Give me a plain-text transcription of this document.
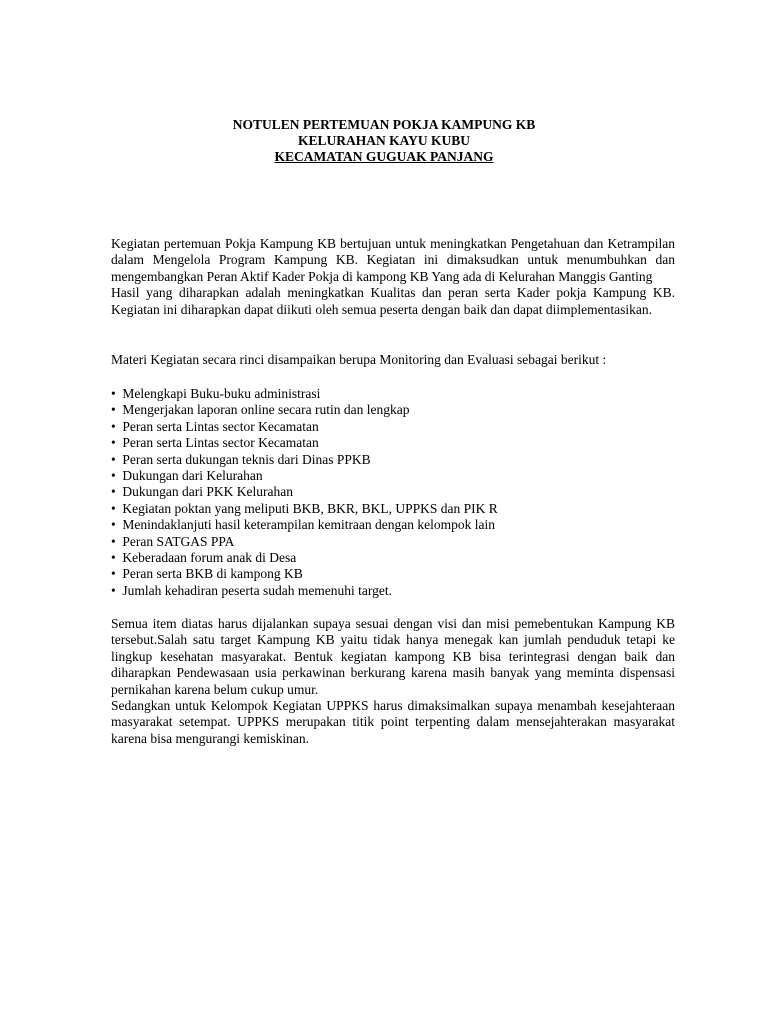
NOTULEN PERTEMUAN POKJA KAMPUNG KB
KELURAHAN KAYU KUBU
KECAMATAN GUGUAK PANJANG

Kegiatan pertemuan Pokja Kampung KB bertujuan untuk meningkatkan Pengetahuan dan Ketrampilan dalam Mengelola Program Kampung KB. Kegiatan ini dimaksudkan untuk menumbuhkan dan mengembangkan Peran Aktif Kader Pokja di kampong KB Yang ada di Kelurahan Manggis Ganting

Hasil yang diharapkan adalah meningkatkan Kualitas dan peran serta Kader pokja Kampung KB. Kegiatan ini diharapkan dapat diikuti oleh semua peserta dengan baik dan dapat diimplementasikan.

Materi Kegiatan secara rinci disampaikan berupa Monitoring dan Evaluasi sebagai berikut :

• Melengkapi Buku-buku administrasi
• Mengerjakan laporan online secara rutin dan lengkap
• Peran serta Lintas sector Kecamatan
• Peran serta Lintas sector Kecamatan
• Peran serta dukungan teknis dari Dinas PPKB
• Dukungan dari Kelurahan
• Dukungan dari PKK Kelurahan
• Kegiatan poktan yang meliputi BKB, BKR, BKL, UPPKS dan PIK R
• Menindaklanjuti hasil keterampilan kemitraan dengan kelompok lain
• Peran SATGAS PPA
• Keberadaan forum anak di Desa
• Peran serta BKB di kampong KB
• Jumlah kehadiran peserta sudah memenuhi target.

Semua item diatas harus dijalankan supaya sesuai dengan visi dan misi pemebentukan Kampung KB tersebut.Salah satu target Kampung KB yaitu tidak hanya menegak kan jumlah penduduk tetapi ke lingkup kesehatan masyarakat. Bentuk kegiatan kampong KB bisa terintegrasi dengan baik dan diharapkan Pendewasaan usia perkawinan berkurang karena masih banyak yang meminta dispensasi pernikahan karena belum cukup umur.

Sedangkan untuk Kelompok Kegiatan UPPKS harus dimaksimalkan supaya menambah kesejahteraan masyarakat setempat. UPPKS merupakan titik point terpenting dalam mensejahterakan masyarakat karena bisa mengurangi kemiskinan.
